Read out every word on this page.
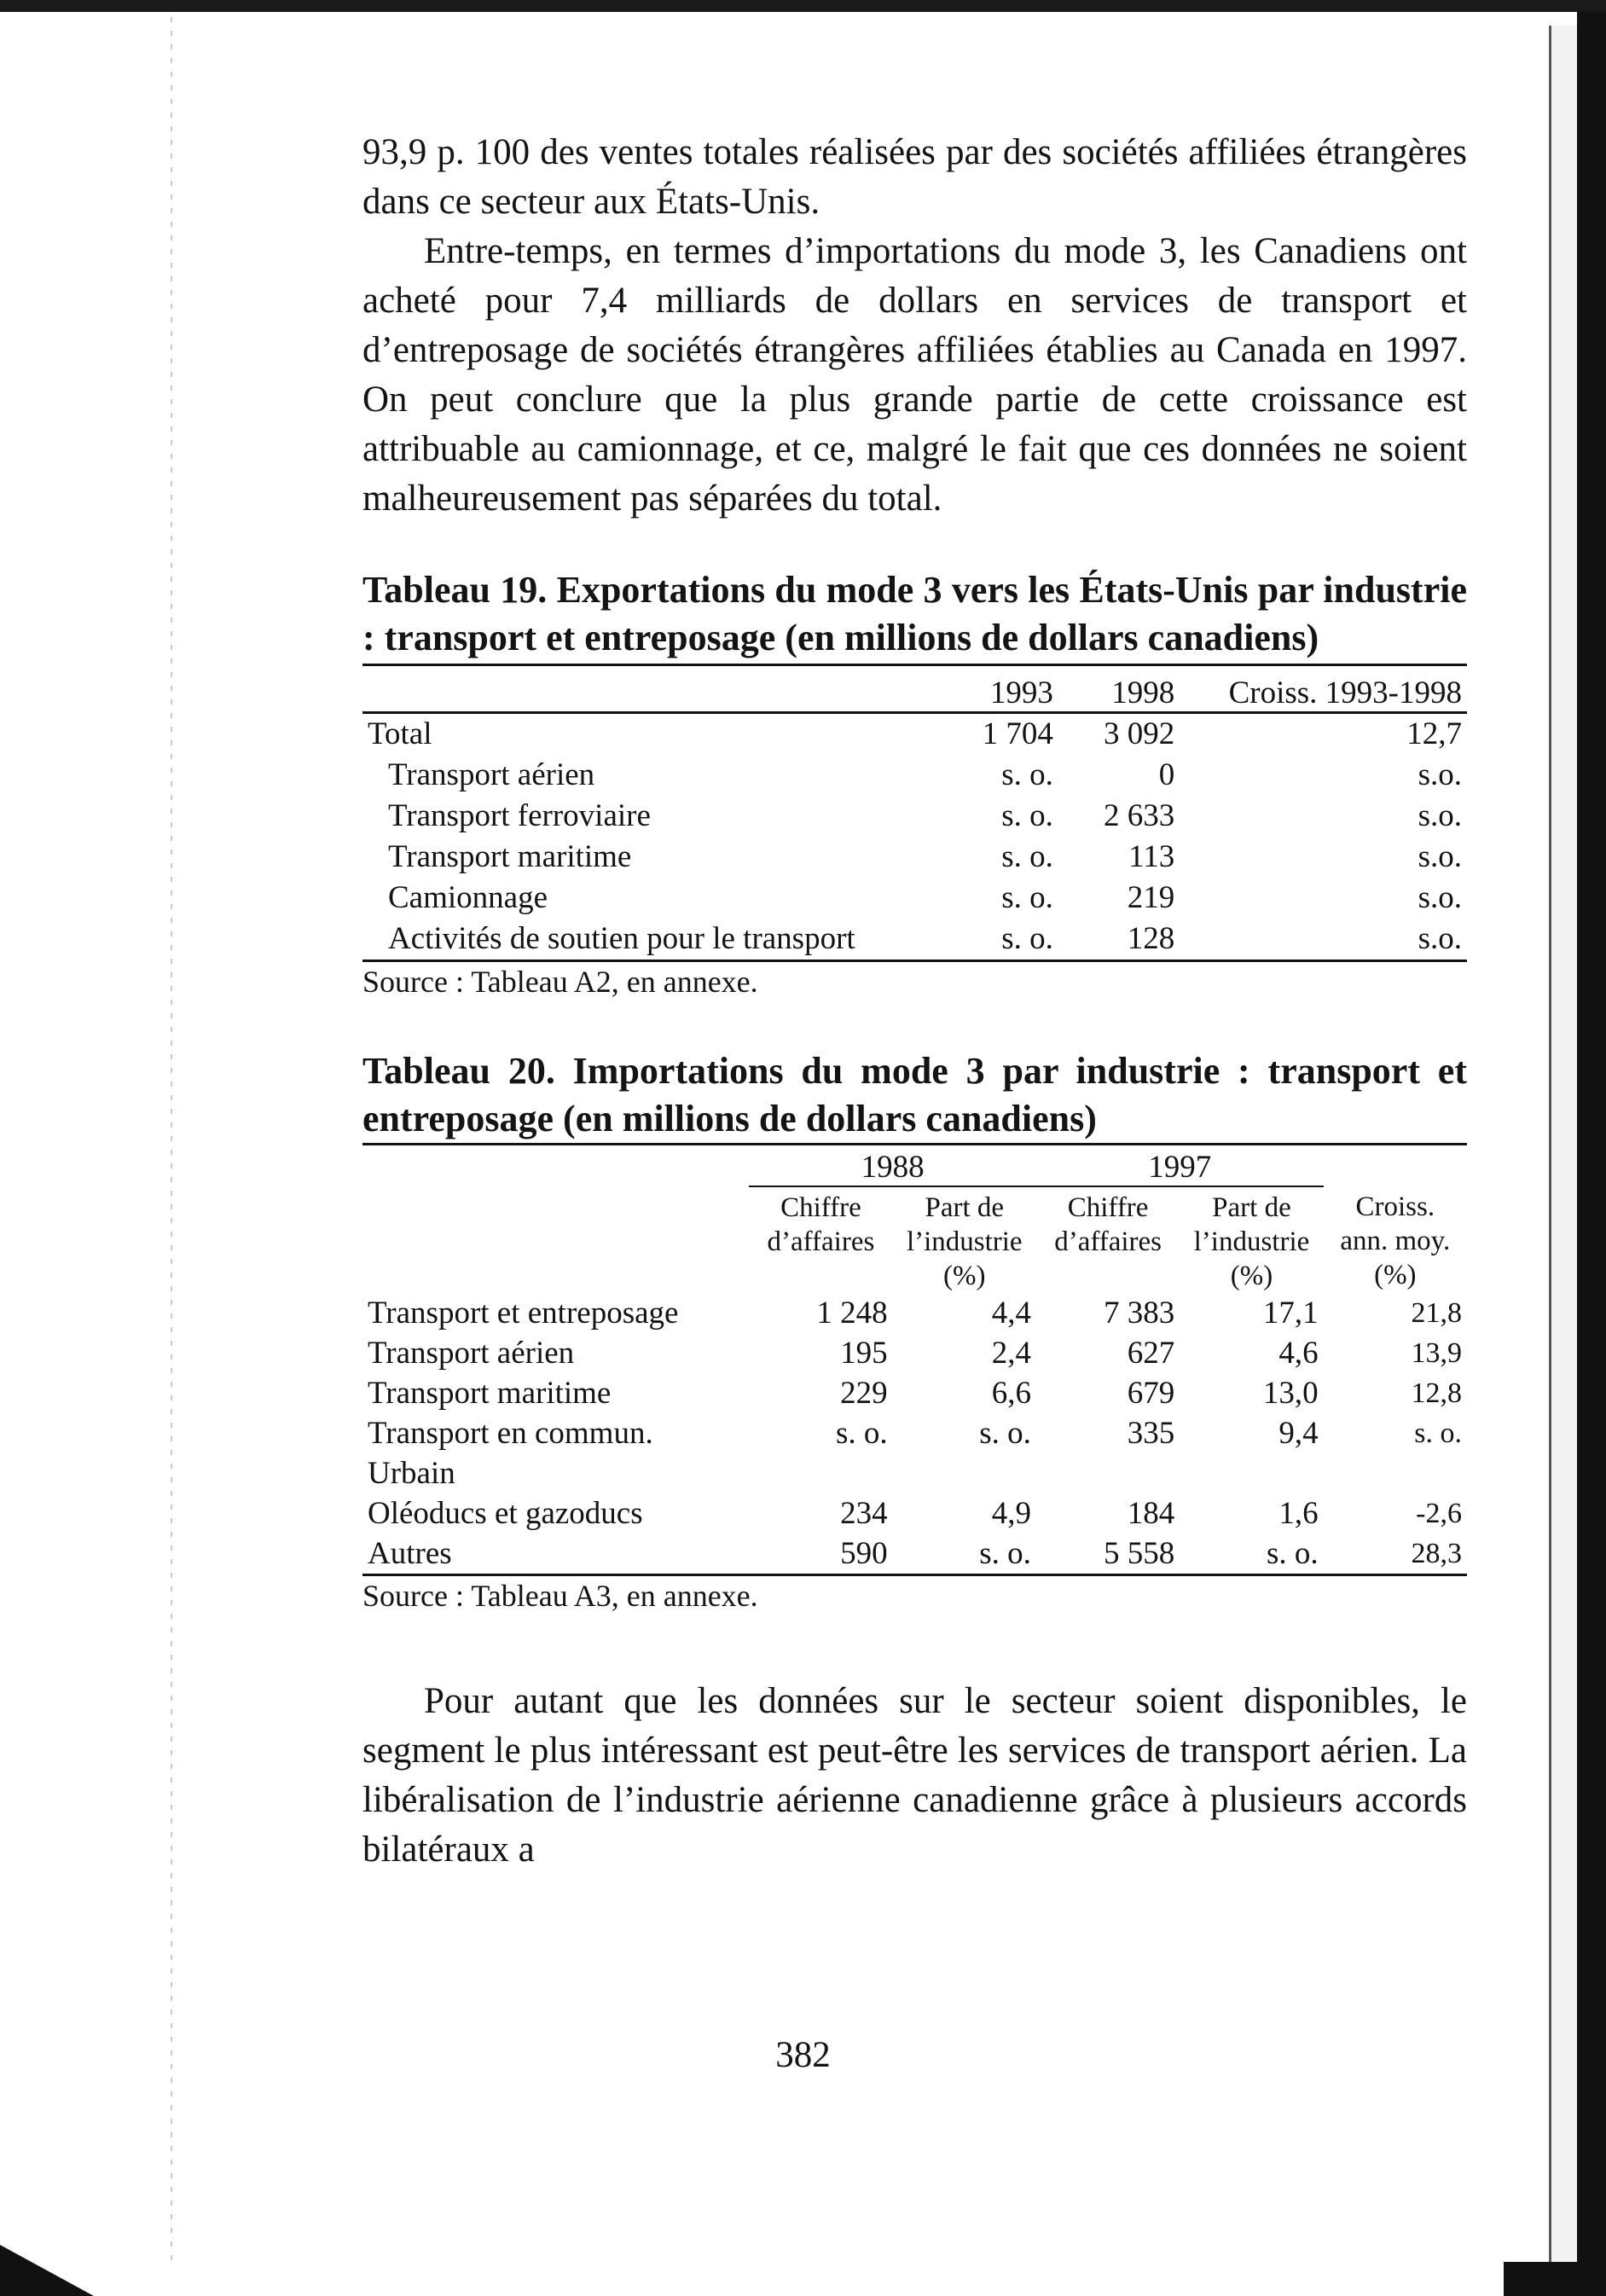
93,9 p. 100 des ventes totales réalisées par des sociétés affiliées étrangères dans ce secteur aux États-Unis.

Entre-temps, en termes d’importations du mode 3, les Canadiens ont acheté pour 7,4 milliards de dollars en services de transport et d’entreposage de sociétés étrangères affiliées établies au Canada en 1997. On peut conclure que la plus grande partie de cette croissance est attribuable au camionnage, et ce, malgré le fait que ces données ne soient malheureusement pas séparées du total.

Tableau 19. Exportations du mode 3 vers les États-Unis par industrie : transport et entreposage (en millions de dollars canadiens)

	1993	1998	Croiss. 1993-1998
Total	1 704	3 092	12,7
Transport aérien	s. o.	0	s.o.
Transport ferroviaire	s. o.	2 633	s.o.
Transport maritime	s. o.	113	s.o.
Camionnage	s. o.	219	s.o.
Activités de soutien pour le transport	s. o.	128	s.o.

Source : Tableau A2, en annexe.

Tableau 20. Importations du mode 3 par industrie : transport et entreposage (en millions de dollars canadiens)

	1988		1997		
	Chiffre d’affaires	Part de l’industrie (%)	Chiffre d’affaires	Part de l’industrie (%)	Croiss. ann. moy. (%)
Transport et entreposage	1 248	4,4	7 383	17,1	21,8
Transport aérien	195	2,4	627	4,6	13,9
Transport maritime	229	6,6	679	13,0	12,8
Transport en commun. Urbain	s. o.	s. o.	335	9,4	s. o.
Oléoducs et gazoducs	234	4,9	184	1,6	-2,6
Autres	590	s. o.	5 558	s. o.	28,3

Source : Tableau A3, en annexe.

Pour autant que les données sur le secteur soient disponibles, le segment le plus intéressant est peut-être les services de transport aérien. La libéralisation de l’industrie aérienne canadienne grâce à plusieurs accords bilatéraux a

382
